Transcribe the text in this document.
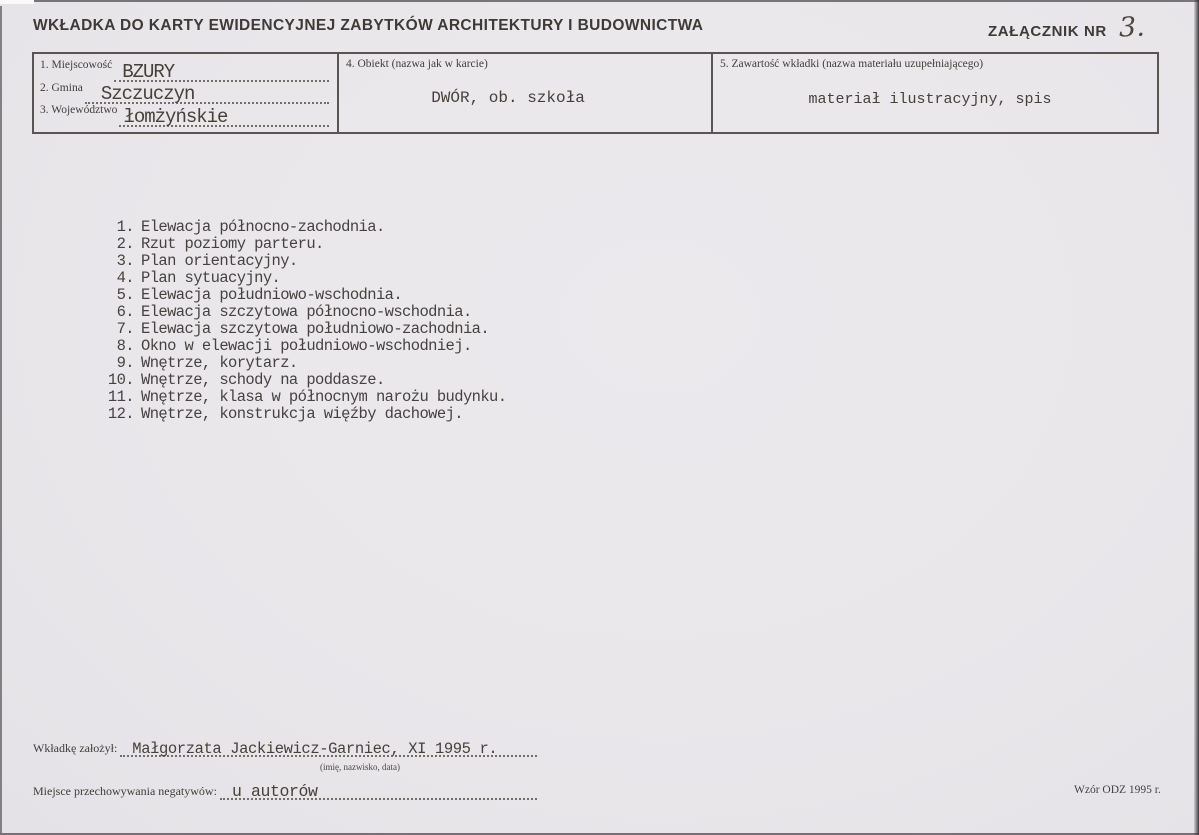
WKŁADKA DO KARTY EWIDENCYJNEJ ZABYTKÓW ARCHITEKTURY I BUDOWNICTWA	ZAŁĄCZNIK NR 3.
1. Miejscowość BZURY
2. Gmina Szczuczyn
3. Województwo łomżyńskie
4. Obiekt (nazwa jak w karcie)
DWÓR, ob. szkoła
5. Zawartość wkładki (nazwa materiału uzupełniającego)
materiał ilustracyjny, spis
1. Elewacja północno-zachodnia.
2. Rzut poziomy parteru.
3. Plan orientacyjny.
4. Plan sytuacyjny.
5. Elewacja południowo-wschodnia.
6. Elewacja szczytowa północno-wschodnia.
7. Elewacja szczytowa południowo-zachodnia.
8. Okno w elewacji południowo-wschodniej.
9. Wnętrze, korytarz.
10. Wnętrze, schody na poddasze.
11. Wnętrze, klasa w północnym narożu budynku.
12. Wnętrze, konstrukcja więźby dachowej.
Wkładkę założył: Małgorzata Jackiewicz-Garniec, XI 1995 r.
(imię, nazwisko, data)
Miejsce przechowywania negatywów: u autorów	Wzór ODZ 1995 r.
